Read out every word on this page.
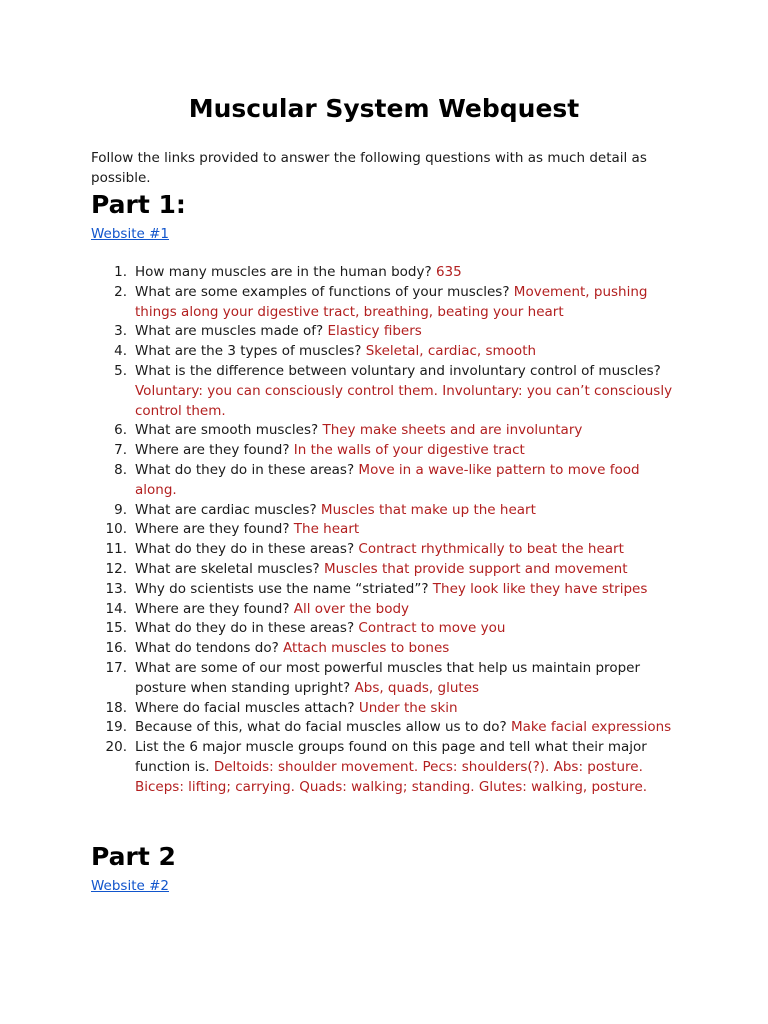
Muscular System Webquest

Follow the links provided to answer the following questions with as much detail as possible.

Part 1:
Website #1
1. How many muscles are in the human body? 635
2. What are some examples of functions of your muscles? Movement, pushing things along your digestive tract, breathing, beating your heart
3. What are muscles made of? Elasticy fibers
4. What are the 3 types of muscles? Skeletal, cardiac, smooth
5. What is the difference between voluntary and involuntary control of muscles? Voluntary: you can consciously control them. Involuntary: you can’t consciously control them.
6. What are smooth muscles? They make sheets and are involuntary
7. Where are they found? In the walls of your digestive tract
8. What do they do in these areas? Move in a wave-like pattern to move food along.
9. What are cardiac muscles? Muscles that make up the heart
10. Where are they found? The heart
11. What do they do in these areas? Contract rhythmically to beat the heart
12. What are skeletal muscles? Muscles that provide support and movement
13. Why do scientists use the name “striated”? They look like they have stripes
14. Where are they found? All over the body
15. What do they do in these areas? Contract to move you
16. What do tendons do? Attach muscles to bones
17. What are some of our most powerful muscles that help us maintain proper posture when standing upright? Abs, quads, glutes
18. Where do facial muscles attach? Under the skin
19. Because of this, what do facial muscles allow us to do? Make facial expressions
20. List the 6 major muscle groups found on this page and tell what their major function is. Deltoids: shoulder movement. Pecs: shoulders(?). Abs: posture. Biceps: lifting; carrying. Quads: walking; standing. Glutes: walking, posture.
Part 2
Website #2
